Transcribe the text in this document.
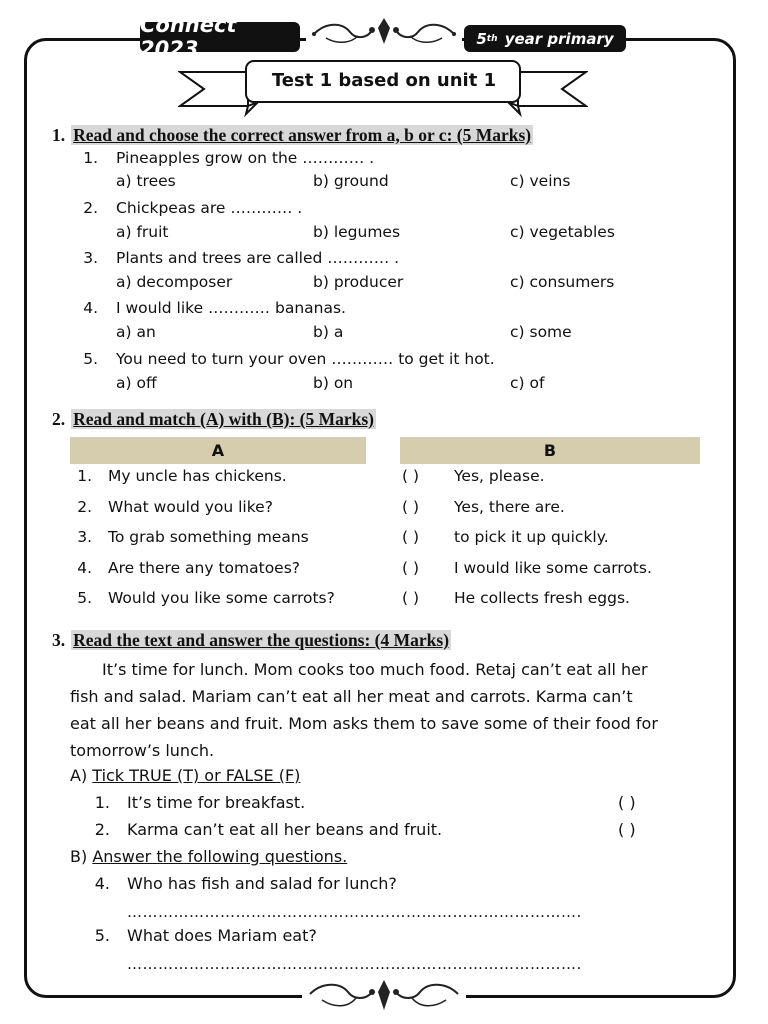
Connect 2023	5 th
year primary
Test 1 based on unit 1
1. Read and choose the correct answer from a, b or c: (5 Marks)
1. Pineapples grow on the ………… .
a) trees	b) ground	c) veins
2. Chickpeas are ………… .
a) fruit	b) legumes	c) vegetables
3. Plants and trees are called ………… .
a) decomposer	b) producer	c) consumers
4. I would like ………… bananas.
a) an	b) a	c) some
5. You need to turn your oven ………… to get it hot.
a) off	b) on	c) of
2. Read and match (A) with (B): (5 Marks)
A	B
1. My uncle has chickens.	( ) Yes, please.
2. What would you like?	( ) Yes, there are.
3. To grab something means	( ) to pick it up quickly.
4. Are there any tomatoes?	( ) I would like some carrots.
5. Would you like some carrots?	( ) He collects fresh eggs.
3. Read the text and answer the questions: (4 Marks)
It’s time for lunch. Mom cooks too much food. Retaj can’t eat all her
fish and salad. Mariam can’t eat all her meat and carrots. Karma can’t
eat all her beans and fruit. Mom asks them to save some of their food for
tomorrow’s lunch.
A) Tick TRUE (T) or FALSE (F)
1. It’s time for breakfast.	( )
2. Karma can’t eat all her beans and fruit.	( )
B) Answer the following questions.
4. Who has fish and salad for lunch?
…………………………………………………………………………….
5. What does Mariam eat?
…………………………………………………………………………….
